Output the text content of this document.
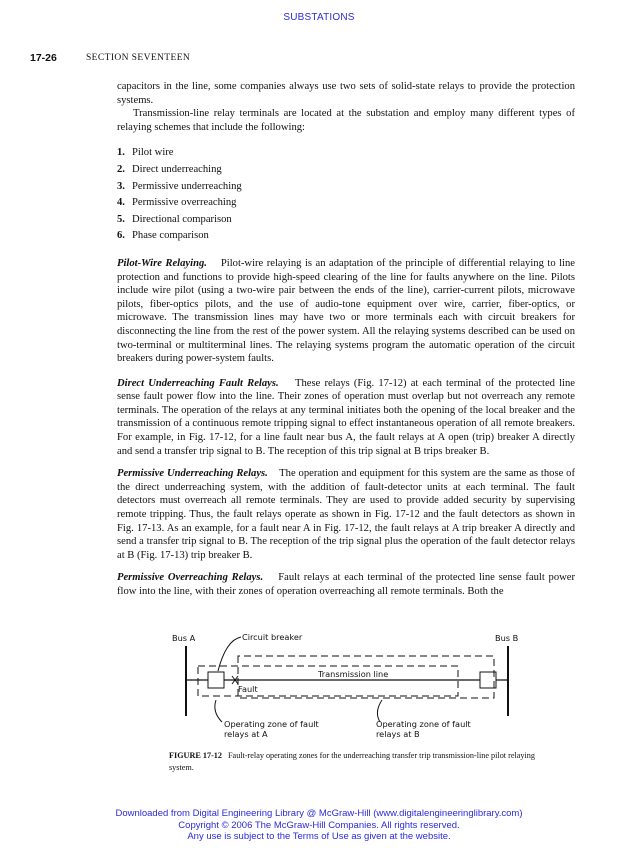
SUBSTATIONS
17-26	SECTION SEVENTEEN

capacitors in the line, some companies always use two sets of solid-state relays to provide the protection systems.

Transmission-line relay terminals are located at the substation and employ many different types of relaying schemes that include the following:

1. Pilot wire
2. Direct underreaching
3. Permissive underreaching
4. Permissive overreaching
5. Directional comparison
6. Phase comparison

Pilot-Wire Relaying. Pilot-wire relaying is an adaptation of the principle of differential relaying to line protection and functions to provide high-speed clearing of the line for faults anywhere on the line. Pilots include wire pilot (using a two-wire pair between the ends of the line), carrier-current pilots, microwave pilots, fiber-optics pilots, and the use of audio-tone equipment over wire, carrier, fiber-optics, or microwave. The transmission lines may have two or more terminals each with circuit breakers for disconnecting the line from the rest of the power system. All the relaying systems described can be used on two-terminal or multiterminal lines. The relaying systems program the automatic operation of the circuit breakers during power-system faults.

Direct Underreaching Fault Relays. These relays (Fig. 17-12) at each terminal of the protected line sense fault power flow into the line. Their zones of operation must overlap but not overreach any remote terminals. The operation of the relays at any terminal initiates both the opening of the local breaker and the transmission of a continuous remote tripping signal to effect instantaneous operation of all remote breakers. For example, in Fig. 17-12, for a line fault near bus A, the fault relays at A open (trip) breaker A directly and send a transfer trip signal to B. The reception of this trip signal at B trips breaker B.

Permissive Underreaching Relays. The operation and equipment for this system are the same as those of the direct underreaching system, with the addition of fault-detector units at each terminal. The fault detectors must overreach all remote terminals. They are used to provide added security by supervising remote tripping. Thus, the fault relays operate as shown in Fig. 17-12 and the fault detectors as shown in Fig. 17-13. As an example, for a fault near A in Fig. 17-12, the fault relays at A trip breaker A directly and send a transfer trip signal to B. The reception of the trip signal plus the operation of the fault detector relays at B (Fig. 17-13) trip breaker B.

Permissive Overreaching Relays. Fault relays at each terminal of the protected line sense fault power flow into the line, with their zones of operation overreaching all remote terminals. Both the

Bus A	Bus B
Circuit breaker
Transmission line
Fault
Operating zone of fault
relays at A
Operating zone of fault
relays at B
FIGURE 17-12 Fault-relay operating zones for the underreaching transfer trip transmission-line pilot relaying system.
Downloaded from Digital Engineering Library @ McGraw-Hill (www.digitalengineeringlibrary.com)
Copyright © 2006 The McGraw-Hill Companies. All rights reserved.
Any use is subject to the Terms of Use as given at the website.
